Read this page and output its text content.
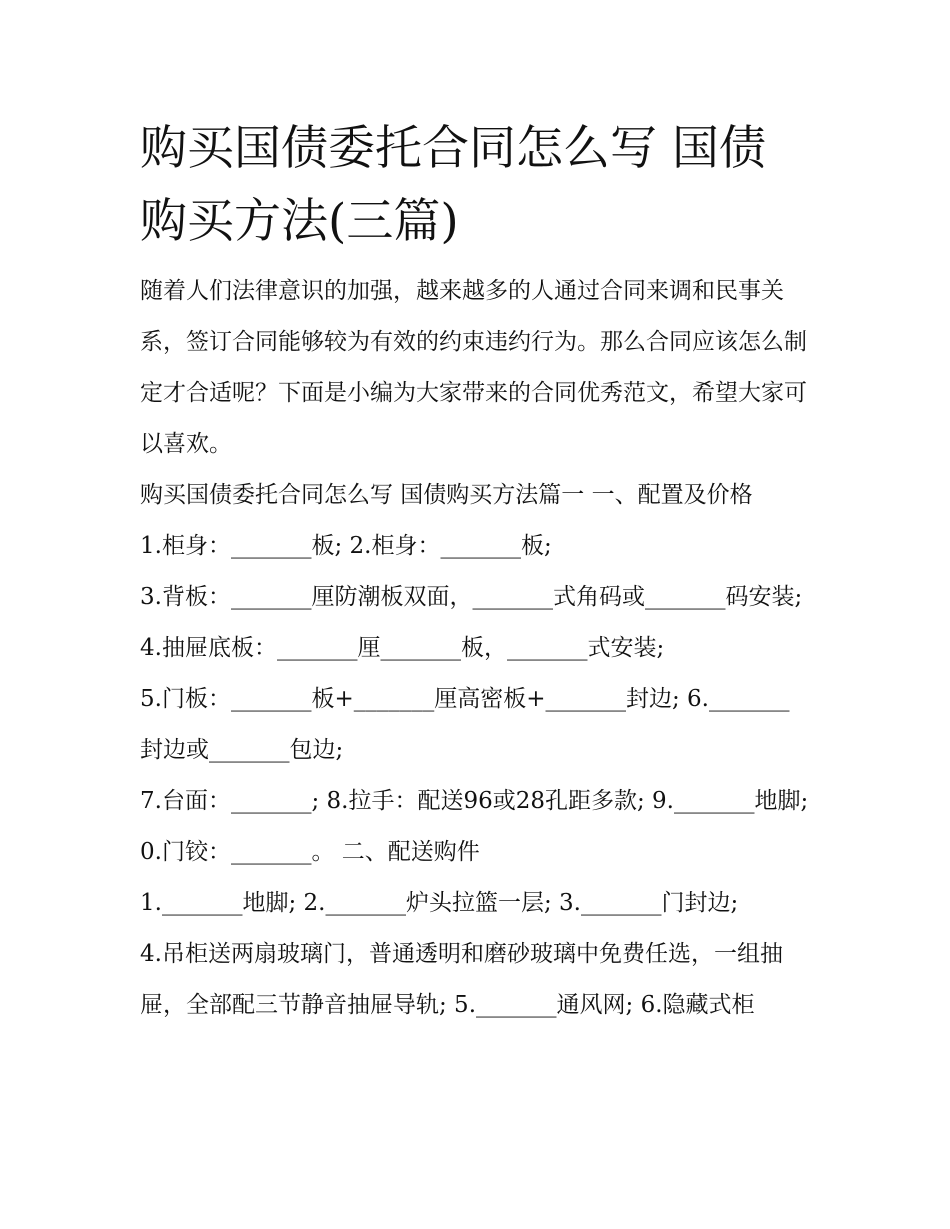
购买国债委托合同怎么写 国债购买方法(三篇)

随着人们法律意识的加强，越来越多的人通过合同来调和民事关系，签订合同能够较为有效的约束违约行为。那么合同应该怎么制定才合适呢？下面是小编为大家带来的合同优秀范文，希望大家可以喜欢。

购买国债委托合同怎么写 国债购买方法篇一 一、配置及价格

1.柜身：_______板; 2.柜身：_______板;

3.背板：_______厘防潮板双面，_______式角码或_______码安装;

4.抽屉底板：_______厘_______板，_______式安装;

5.门板：_______板+_______厘高密板+_______封边; 6._______封边或_______包边;

7.台面：_______; 8.拉手：配送96或28孔距多款; 9._______地脚; 0.门铰：_______。 二、配送购件

1._______地脚; 2._______炉头拉篮一层; 3._______门封边;

4.吊柜送两扇玻璃门，普通透明和磨砂玻璃中免费任选，一组抽屉，全部配三节静音抽屉导轨; 5._______通风网; 6.隐藏式柜
